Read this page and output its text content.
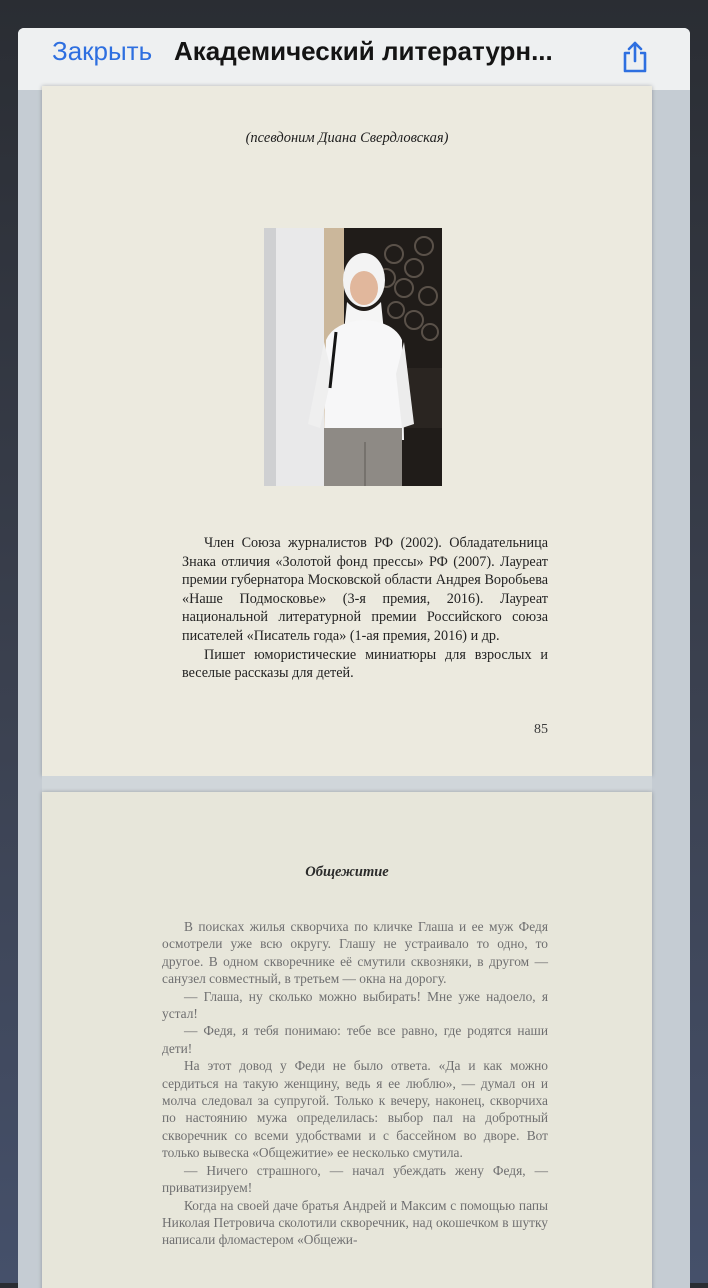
Закрыть Академический литературн...
(псевдоним Диана Свердловская)

Член Союза журналистов РФ (2002). Обладательница Знака отличия «Золотой фонд прессы» РФ (2007). Лауреат премии губернатора Московской области Андрея Воробьева «Наше Подмосковье» (3-я премия, 2016). Лауреат национальной литературной премии Российского союза писателей «Писатель года» (1-ая премия, 2016) и др.

Пишет юмористические миниатюры для взрослых и веселые рассказы для детей.

85
Общежитие

В поисках жилья скворчиха по кличке Глаша и ее муж Федя осмотрели уже всю округу. Глашу не устраивало то одно, то другое. В одном скворечнике её смутили сквозняки, в другом — санузел совместный, в третьем — окна на дорогу.

— Глаша, ну сколько можно выбирать! Мне уже надоело, я устал!

— Федя, я тебя понимаю: тебе все равно, где родятся наши дети!

На этот довод у Феди не было ответа. «Да и как можно сердиться на такую женщину, ведь я ее люблю», — думал он и молча следовал за супругой. Только к вечеру, наконец, скворчиха по настоянию мужа определилась: выбор пал на добротный скворечник со всеми удобствами и с бассейном во дворе. Вот только вывеска «Общежитие» ее несколько смутила.

— Ничего страшного, — начал убеждать жену Федя, — приватизируем!

Когда на своей даче братья Андрей и Максим с помощью папы Николая Петровича сколотили скворечник, над окошечком в шутку написали фломастером «Общежи-
